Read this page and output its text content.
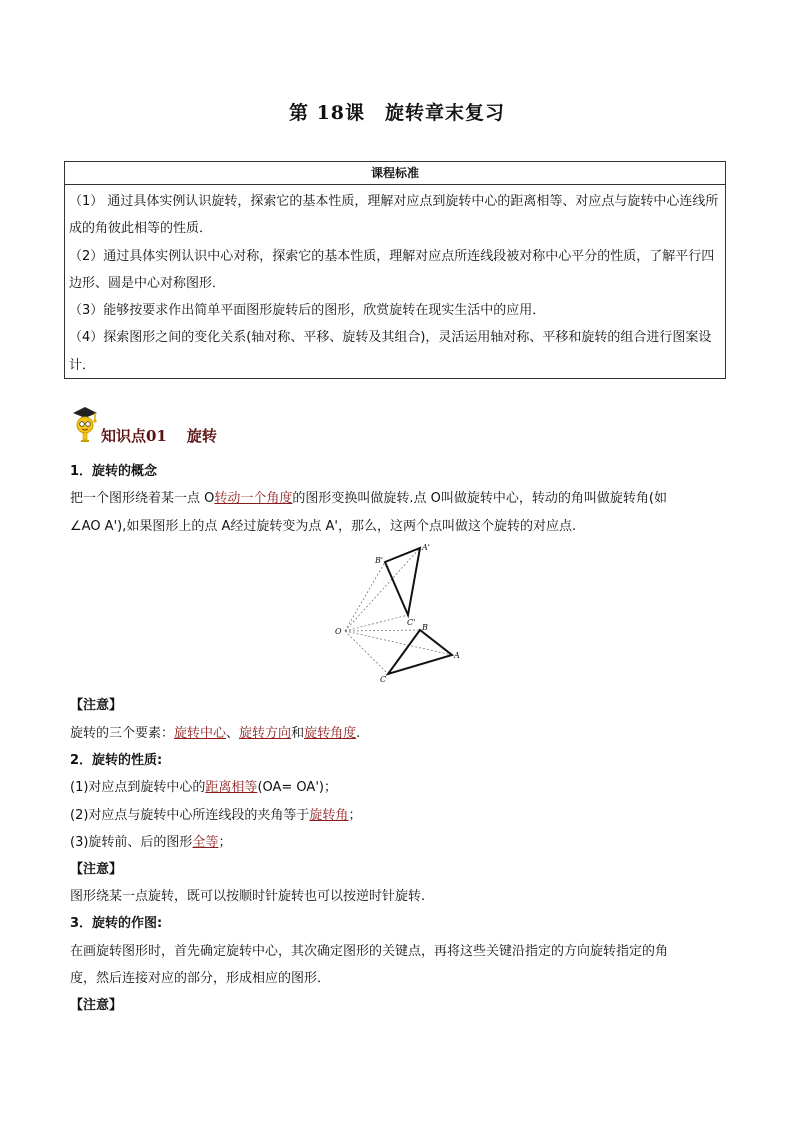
第 18课　旋转章末复习
课程标准

（1） 通过具体实例认识旋转，探索它的基本性质，理解对应点到旋转中心的距离相等、对应点与旋转中心连线所成的角彼此相等的性质．

（2）通过具体实例认识中心对称，探索它的基本性质，理解对应点所连线段被对称中心平分的性质，了解平行四边形、圆是中心对称图形．

（3）能够按要求作出简单平面图形旋转后的图形，欣赏旋转在现实生活中的应用．

（4）探索图形之间的变化关系(轴对称、平移、旋转及其组合)，灵活运用轴对称、平移和旋转的组合进行图案设计．

知识点01 旋转
1．旋转的概念
把一个图形绕着某一点 O转动一个角度的图形变换叫做旋转.点 O叫做旋转中心，转动的角叫做旋转角(如
∠AO A'),如果图形上的点 A经过旋转变为点 A'，那么，这两个点叫做这个旋转的对应点.
【注意】
旋转的三个要素：旋转中心、旋转方向和旋转角度.
2．旋转的性质:
(1)对应点到旋转中心的距离相等(OA= OA')；
(2)对应点与旋转中心所连线段的夹角等于旋转角；
(3)旋转前、后的图形全等；
【注意】
图形绕某一点旋转，既可以按顺时针旋转也可以按逆时针旋转.
3．旋转的作图:
在画旋转图形时，首先确定旋转中心，其次确定图形的关键点，再将这些关键沿指定的方向旋转指定的角
度，然后连接对应的部分，形成相应的图形．
【注意】
O	B
A
C
A'
B'
C'
